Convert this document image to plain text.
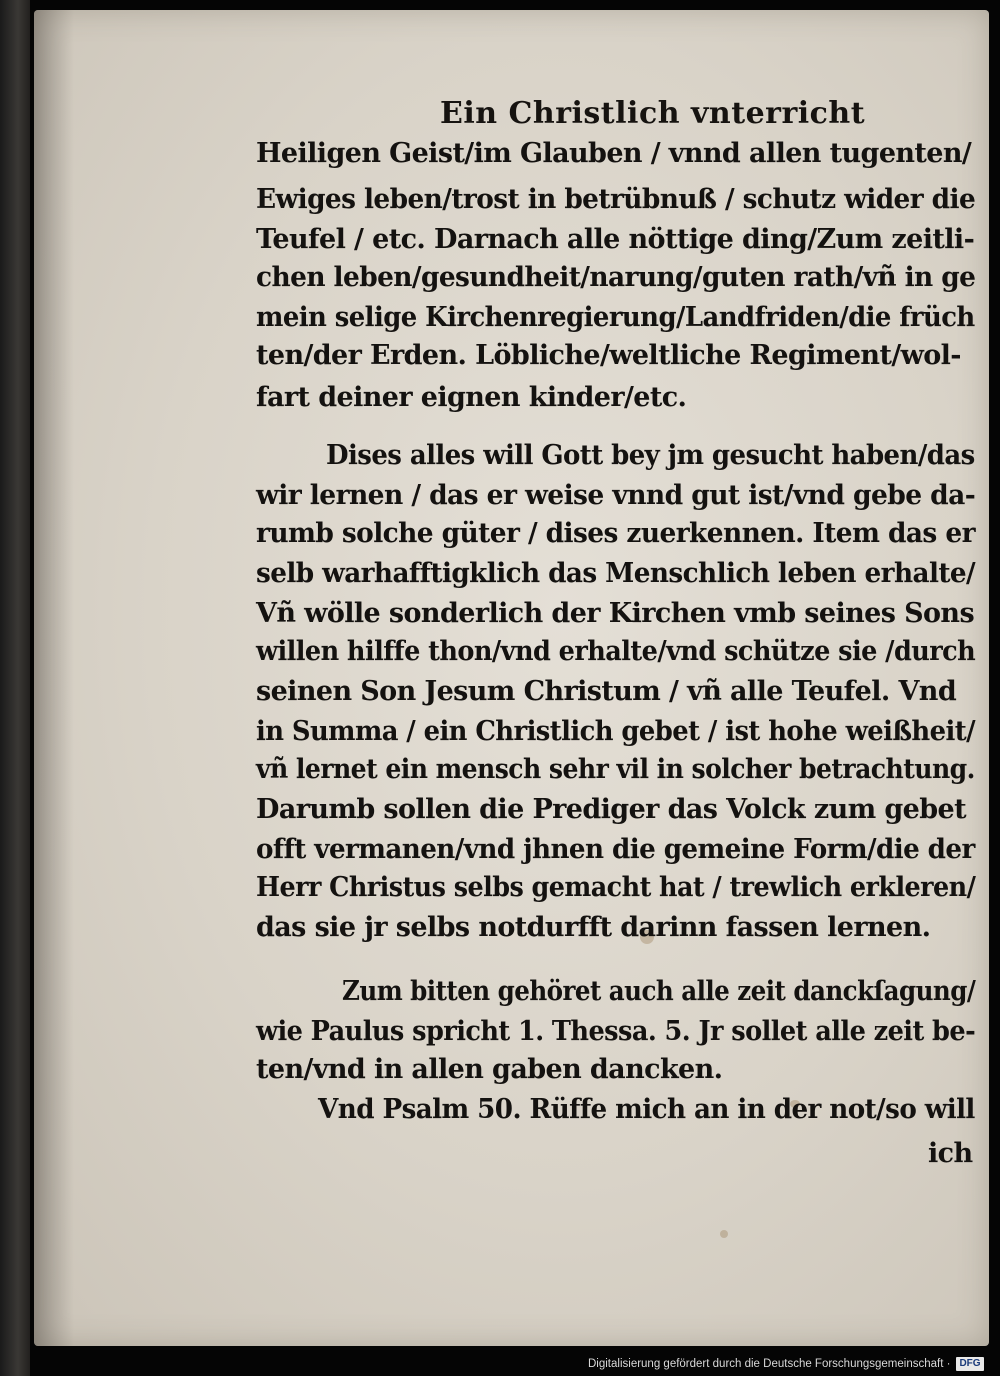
Ein Christlich vnterricht
Heiligen Geist/im Glauben / vnnd allen tugenten/
Ewiges leben/trost in betrübnuß / schutz wider die
Teufel / etc. Darnach alle nöttige ding/Zum zeitli-
chen leben/gesundheit/narung/guten rath/vñ in ge
mein selige Kirchenregierung/Landfriden/die früch
ten/der Erden. Löbliche/weltliche Regiment/wol-
fart deiner eignen kinder/etc.
Dises alles will Gott bey jm gesucht haben/das
wir lernen / das er weise vnnd gut ist/vnd gebe da-
rumb solche güter / dises zuerkennen. Item das er
selb warhafftigklich das Menschlich leben erhalte/
Vñ wölle sonderlich der Kirchen vmb seines Sons
willen hilffe thon/vnd erhalte/vnd schütze sie /durch
seinen Son Jesum Christum / vñ alle Teufel. Vnd
in Summa / ein Christlich gebet / ist hohe weißheit/
vñ lernet ein mensch sehr vil in solcher betrachtung.
Darumb sollen die Prediger das Volck zum gebet
offt vermanen/vnd jhnen die gemeine Form/die der
Herr Christus selbs gemacht hat / trewlich erkleren/
das sie jr selbs notdurfft darinn fassen lernen.
Zum bitten gehöret auch alle zeit danckſagung/
wie Paulus spricht 1. Thessa. 5. Jr sollet alle zeit be-
ten/vnd in allen gaben dancken.
Vnd Psalm 50. Rüffe mich an in der not/so will
ich
Digitalisierung gefördert durch die Deutsche Forschungsgemeinschaft · DFG
